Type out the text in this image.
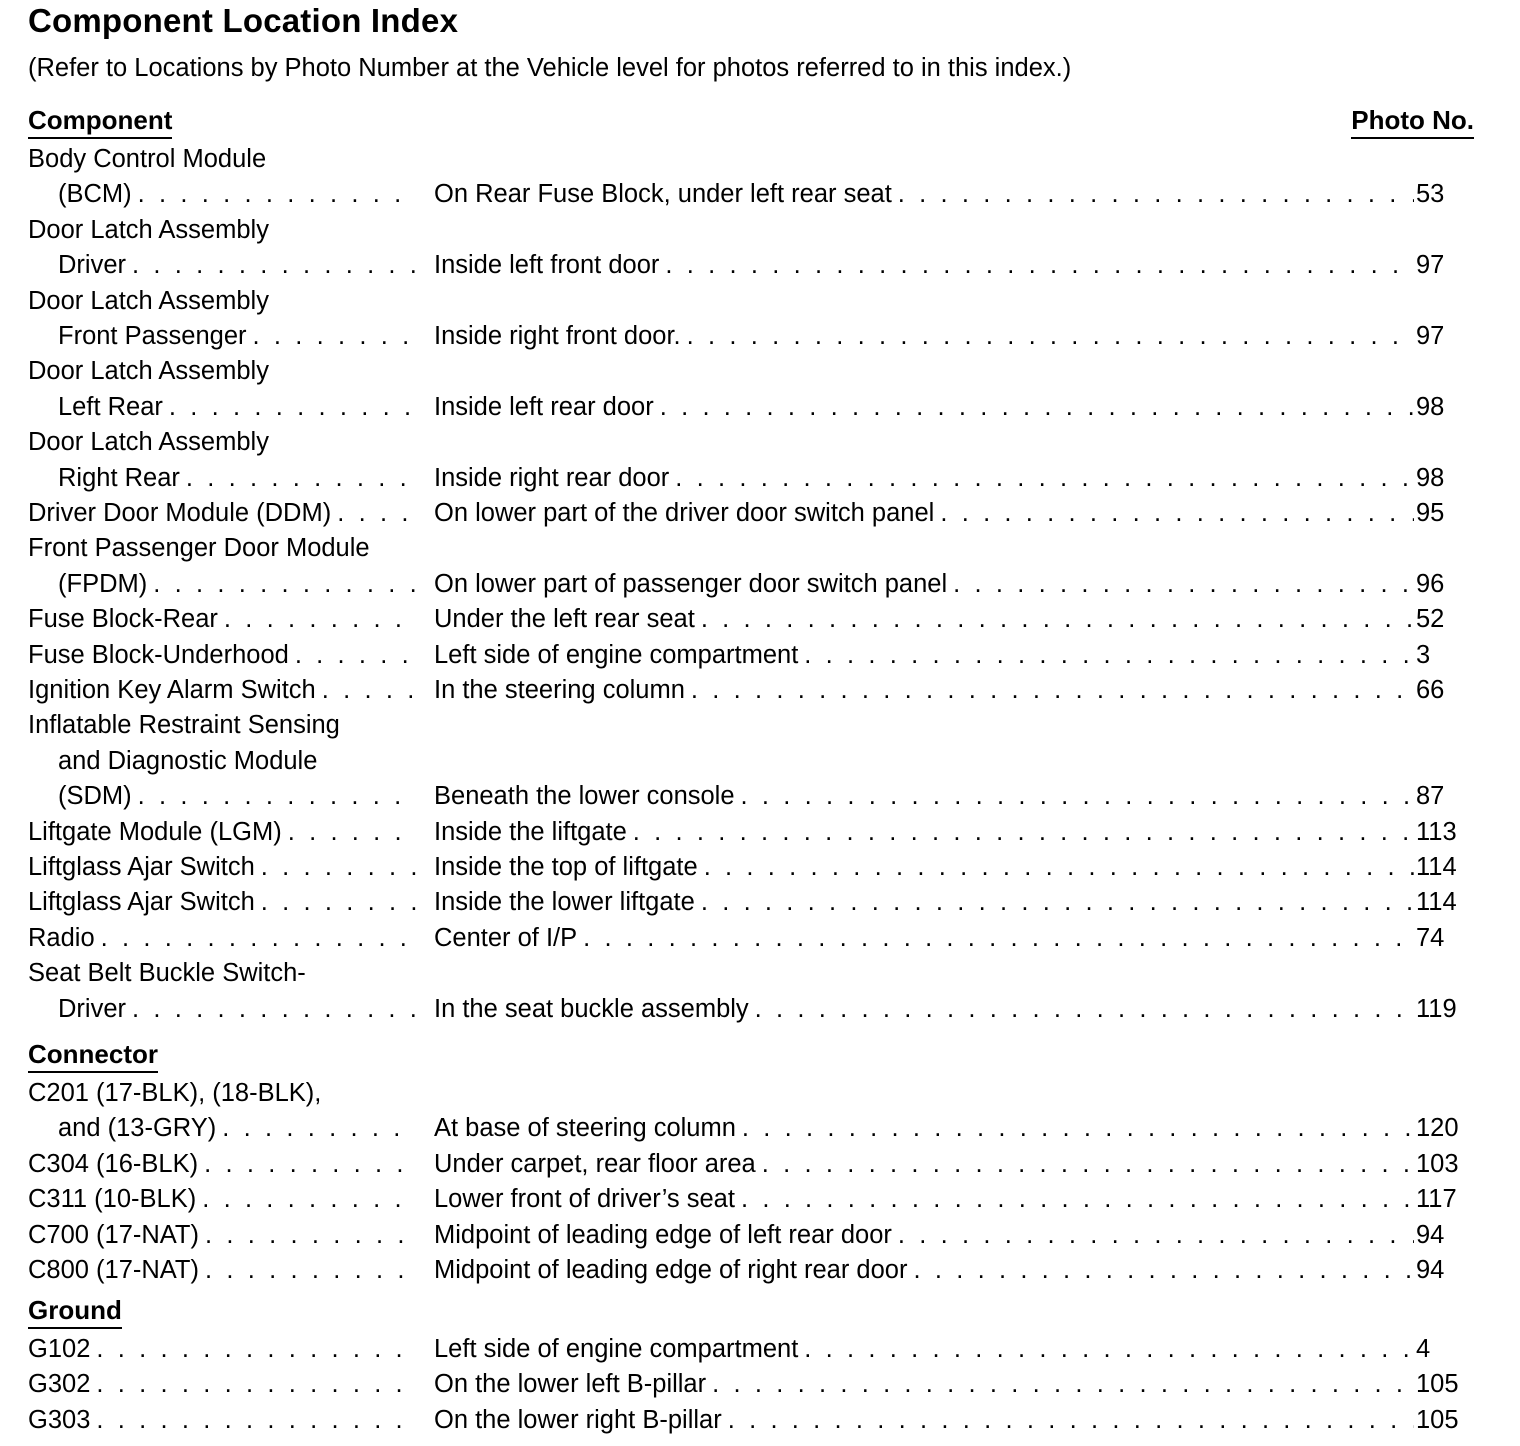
Component Location Index
(Refer to Locations by Photo Number at the Vehicle level for photos referred to in this index.)
Component	Photo No.
Body Control Module
(BCM) . . .	On Rear Fuse Block, under left rear seat . . .	53
Door Latch Assembly
Driver . . .	Inside left front door . . .	97
Door Latch Assembly
Front Passenger . . .	Inside right front door. . . .	97
Door Latch Assembly
Left Rear . . .	Inside left rear door . . .	98
Door Latch Assembly
Right Rear . . .	Inside right rear door . . .	98
Driver Door Module (DDM) . . .	On lower part of the driver door switch panel . . .	95
Front Passenger Door Module
(FPDM) . . .	On lower part of passenger door switch panel . . .	96
Fuse Block-Rear . . .	Under the left rear seat . . .	52
Fuse Block-Underhood . . .	Left side of engine compartment . . .	3
Ignition Key Alarm Switch . . .	In the steering column . . .	66
Inflatable Restraint Sensing
and Diagnostic Module
(SDM) . . .	Beneath the lower console . . .	87
Liftgate Module (LGM) . . .	Inside the liftgate . . .	113
Liftglass Ajar Switch . . .	Inside the top of liftgate . . .	114
Liftglass Ajar Switch . . .	Inside the lower liftgate . . .	114
Radio . . .	Center of I/P . . .	74
Seat Belt Buckle Switch-
Driver . . .	In the seat buckle assembly . . .	119
Connector
C201 (17-BLK), (18-BLK),
and (13-GRY) . . .	At base of steering column . . .	120
C304 (16-BLK) . . .	Under carpet, rear floor area . . .	103
C311 (10-BLK) . . .	Lower front of driver’s seat . . .	117
C700 (17-NAT) . . .	Midpoint of leading edge of left rear door . . .	94
C800 (17-NAT) . . .	Midpoint of leading edge of right rear door . . .	94
Ground
G102 . . .	Left side of engine compartment . . .	4
G302 . . .	On the lower left B-pillar . . .	105
G303 . . .	On the lower right B-pillar . . .	105
